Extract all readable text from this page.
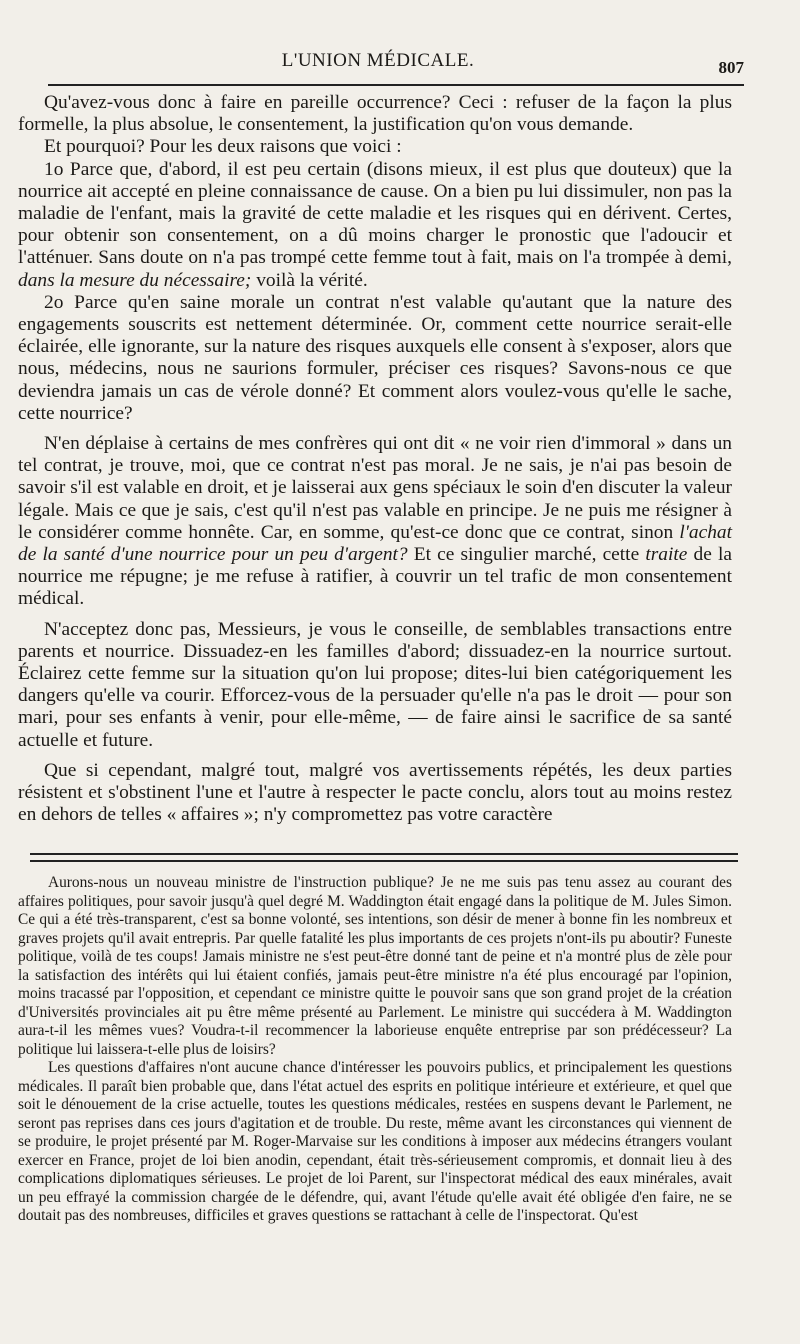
L'UNION MÉDICALE.	807

Qu'avez-vous donc à faire en pareille occurrence? Ceci : refuser de la façon la plus formelle, la plus absolue, le consentement, la justification qu'on vous demande.

Et pourquoi? Pour les deux raisons que voici :

1o Parce que, d'abord, il est peu certain (disons mieux, il est plus que douteux) que la nourrice ait accepté en pleine connaissance de cause. On a bien pu lui dissimuler, non pas la maladie de l'enfant, mais la gravité de cette maladie et les risques qui en dérivent. Certes, pour obtenir son consentement, on a dû moins charger le pronostic que l'adoucir et l'atténuer. Sans doute on n'a pas trompé cette femme tout à fait, mais on l'a trompée à demi, dans la mesure du nécessaire; voilà la vérité.

2o Parce qu'en saine morale un contrat n'est valable qu'autant que la nature des engagements souscrits est nettement déterminée. Or, comment cette nourrice serait-elle éclairée, elle ignorante, sur la nature des risques auxquels elle consent à s'exposer, alors que nous, médecins, nous ne saurions formuler, préciser ces risques? Savons-nous ce que deviendra jamais un cas de vérole donné? Et comment alors voulez-vous qu'elle le sache, cette nourrice?

N'en déplaise à certains de mes confrères qui ont dit « ne voir rien d'immoral » dans un tel contrat, je trouve, moi, que ce contrat n'est pas moral. Je ne sais, je n'ai pas besoin de savoir s'il est valable en droit, et je laisserai aux gens spéciaux le soin d'en discuter la valeur légale. Mais ce que je sais, c'est qu'il n'est pas valable en principe. Je ne puis me résigner à le considérer comme honnête. Car, en somme, qu'est-ce donc que ce contrat, sinon l'achat de la santé d'une nourrice pour un peu d'argent? Et ce singulier marché, cette traite de la nourrice me répugne; je me refuse à ratifier, à couvrir un tel trafic de mon consentement médical.

N'acceptez donc pas, Messieurs, je vous le conseille, de semblables transactions entre parents et nourrice. Dissuadez-en les familles d'abord; dissuadez-en la nourrice surtout. Éclairez cette femme sur la situation qu'on lui propose; dites-lui bien catégoriquement les dangers qu'elle va courir. Efforcez-vous de la persuader qu'elle n'a pas le droit — pour son mari, pour ses enfants à venir, pour elle-même, — de faire ainsi le sacrifice de sa santé actuelle et future.

Que si cependant, malgré tout, malgré vos avertissements répétés, les deux parties résistent et s'obstinent l'une et l'autre à respecter le pacte conclu, alors tout au moins restez en dehors de telles « affaires »; n'y compromettez pas votre caractère

Aurons-nous un nouveau ministre de l'instruction publique? Je ne me suis pas tenu assez au courant des affaires politiques, pour savoir jusqu'à quel degré M. Waddington était engagé dans la politique de M. Jules Simon. Ce qui a été très-transparent, c'est sa bonne volonté, ses intentions, son désir de mener à bonne fin les nombreux et graves projets qu'il avait entrepris. Par quelle fatalité les plus importants de ces projets n'ont-ils pu aboutir? Funeste politique, voilà de tes coups! Jamais ministre ne s'est peut-être donné tant de peine et n'a montré plus de zèle pour la satisfaction des intérêts qui lui étaient confiés, jamais peut-être ministre n'a été plus encouragé par l'opinion, moins tracassé par l'opposition, et cependant ce ministre quitte le pouvoir sans que son grand projet de la création d'Universités provinciales ait pu être même présenté au Parlement. Le ministre qui succédera à M. Waddington aura-t-il les mêmes vues? Voudra-t-il recommencer la laborieuse enquête entreprise par son prédécesseur? La politique lui laissera-t-elle plus de loisirs?

Les questions d'affaires n'ont aucune chance d'intéresser les pouvoirs publics, et principalement les questions médicales. Il paraît bien probable que, dans l'état actuel des esprits en politique intérieure et extérieure, et quel que soit le dénouement de la crise actuelle, toutes les questions médicales, restées en suspens devant le Parlement, ne seront pas reprises dans ces jours d'agitation et de trouble. Du reste, même avant les circonstances qui viennent de se produire, le projet présenté par M. Roger-Marvaise sur les conditions à imposer aux médecins étrangers voulant exercer en France, projet de loi bien anodin, cependant, était très-sérieusement compromis, et donnait lieu à des complications diplomatiques sérieuses. Le projet de loi Parent, sur l'inspectorat médical des eaux minérales, avait un peu effrayé la commission chargée de le défendre, qui, avant l'étude qu'elle avait été obligée d'en faire, ne se doutait pas des nombreuses, difficiles et graves questions se rattachant à celle de l'inspectorat. Qu'est
